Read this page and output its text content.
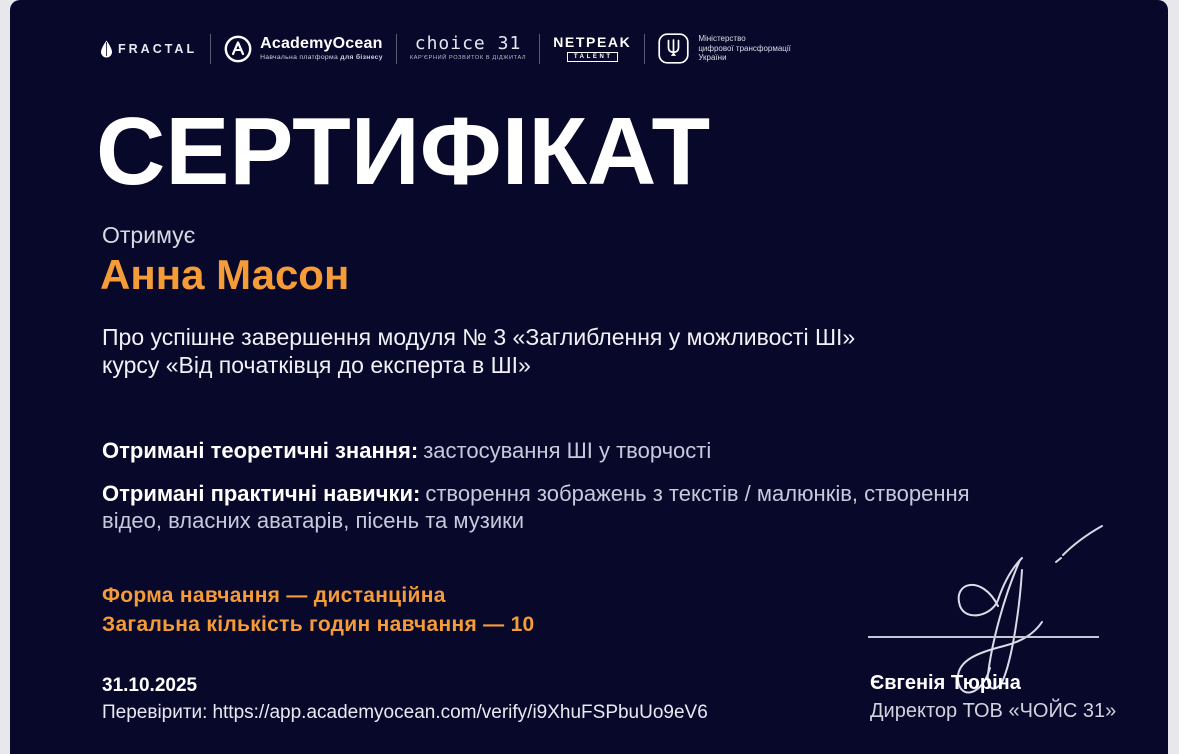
FRACTAL	AcademyOcean
Навчальна платформа для бізнесу
choice 31
КАР'ЄРНИЙ РОЗВИТОК В ДІДЖИТАЛ
NETPEAK
TALENT
Міністерство
цифрової трансформації
України
СЕРТИФІКАТ
Отримує
Анна Масон

Про успішне завершення модуля № 3 «Заглиблення у можливості ШІ»
курсу «Від початківця до експерта в ШІ»

Отримані теоретичні знання: застосування ШІ у творчості

Отримані практичні навички: створення зображень з текстів / малюнків, створення відео, власних аватарів, пісень та музики

Форма навчання — дистанційна
Загальна кількість годин навчання — 10
31.10.2025
Перевірити: https://app.academyocean.com/verify/i9XhuFSPbuUo9eV6
Євгенія Тюріна
Директор ТОВ «ЧОЙС 31»
